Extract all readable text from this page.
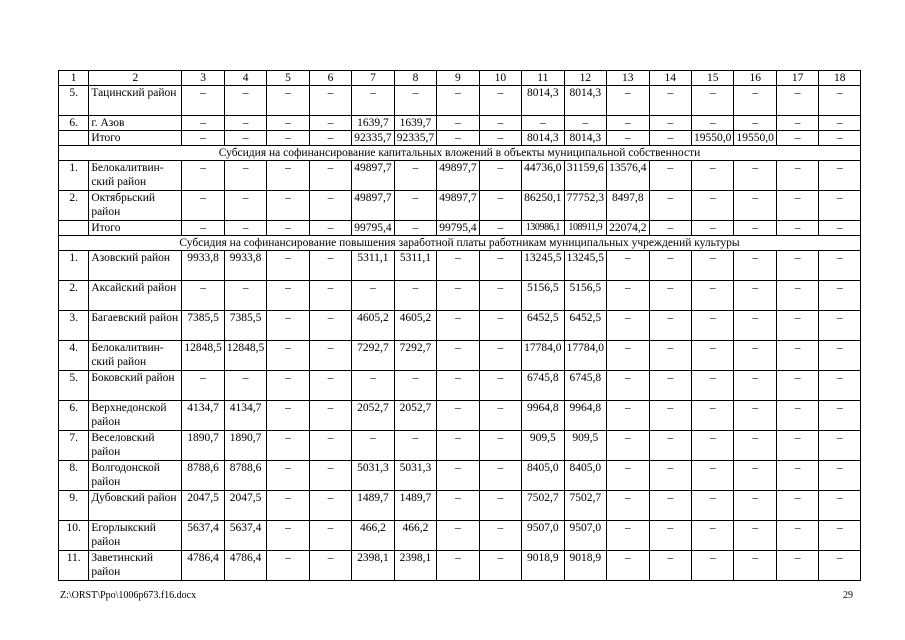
1	2	3	4	5	6	7	8	9	10	11	12	13	14	15	16	17	18
5.	Тацинский район	–	–	–	–	–	–	–	–	8014,3	8014,3	–	–	–	–	–	–
6.	г. Азов	–	–	–	–	1639,7	1639,7	–	–	–	–	–	–	–	–	–	–
	Итого	–	–	–	–	92335,7	92335,7	–	–	8014,3	8014,3	–	–	19550,0	19550,0	–	–
Субсидия на софинансирование капитальных вложений в объекты муниципальной собственности																	
1.	Белокалитвин-ский район	–	–	–	–	49897,7	–	49897,7	–	44736,0	31159,6	13576,4	–	–	–	–	–
2.	Октябрьский район	–	–	–	–	49897,7	–	49897,7	–	86250,1	77752,3	8497,8	–	–	–	–	–
	Итого	–	–	–	–	99795,4	–	99795,4	–	130986,1	108911,9	22074,2	–	–	–	–	–
Субсидия на софинансирование повышения заработной платы работникам муниципальных учреждений культуры																	
1.	Азовский район	9933,8	9933,8	–	–	5311,1	5311,1	–	–	13245,5	13245,5	–	–	–	–	–	–
2.	Аксайский район	–	–	–	–	–	–	–	–	5156,5	5156,5	–	–	–	–	–	–
3.	Багаевский район	7385,5	7385,5	–	–	4605,2	4605,2	–	–	6452,5	6452,5	–	–	–	–	–	–
4.	Белокалитвин-ский район	12848,5	12848,5	–	–	7292,7	7292,7	–	–	17784,0	17784,0	–	–	–	–	–	–
5.	Боковский район	–	–	–	–	–	–	–	–	6745,8	6745,8	–	–	–	–	–	–
6.	Верхнедонской район	4134,7	4134,7	–	–	2052,7	2052,7	–	–	9964,8	9964,8	–	–	–	–	–	–
7.	Веселовский район	1890,7	1890,7	–	–	–	–	–	–	909,5	909,5	–	–	–	–	–	–
8.	Волгодонской район	8788,6	8788,6	–	–	5031,3	5031,3	–	–	8405,0	8405,0	–	–	–	–	–	–
9.	Дубовский район	2047,5	2047,5	–	–	1489,7	1489,7	–	–	7502,7	7502,7	–	–	–	–	–	–
10.	Егорлыкский район	5637,4	5637,4	–	–	466,2	466,2	–	–	9507,0	9507,0	–	–	–	–	–	–
11.	Заветинский район	4786,4	4786,4	–	–	2398,1	2398,1	–	–	9018,9	9018,9	–	–	–	–	–	–
Z:\ORST\Ppo\1006p673.f16.docx	29
